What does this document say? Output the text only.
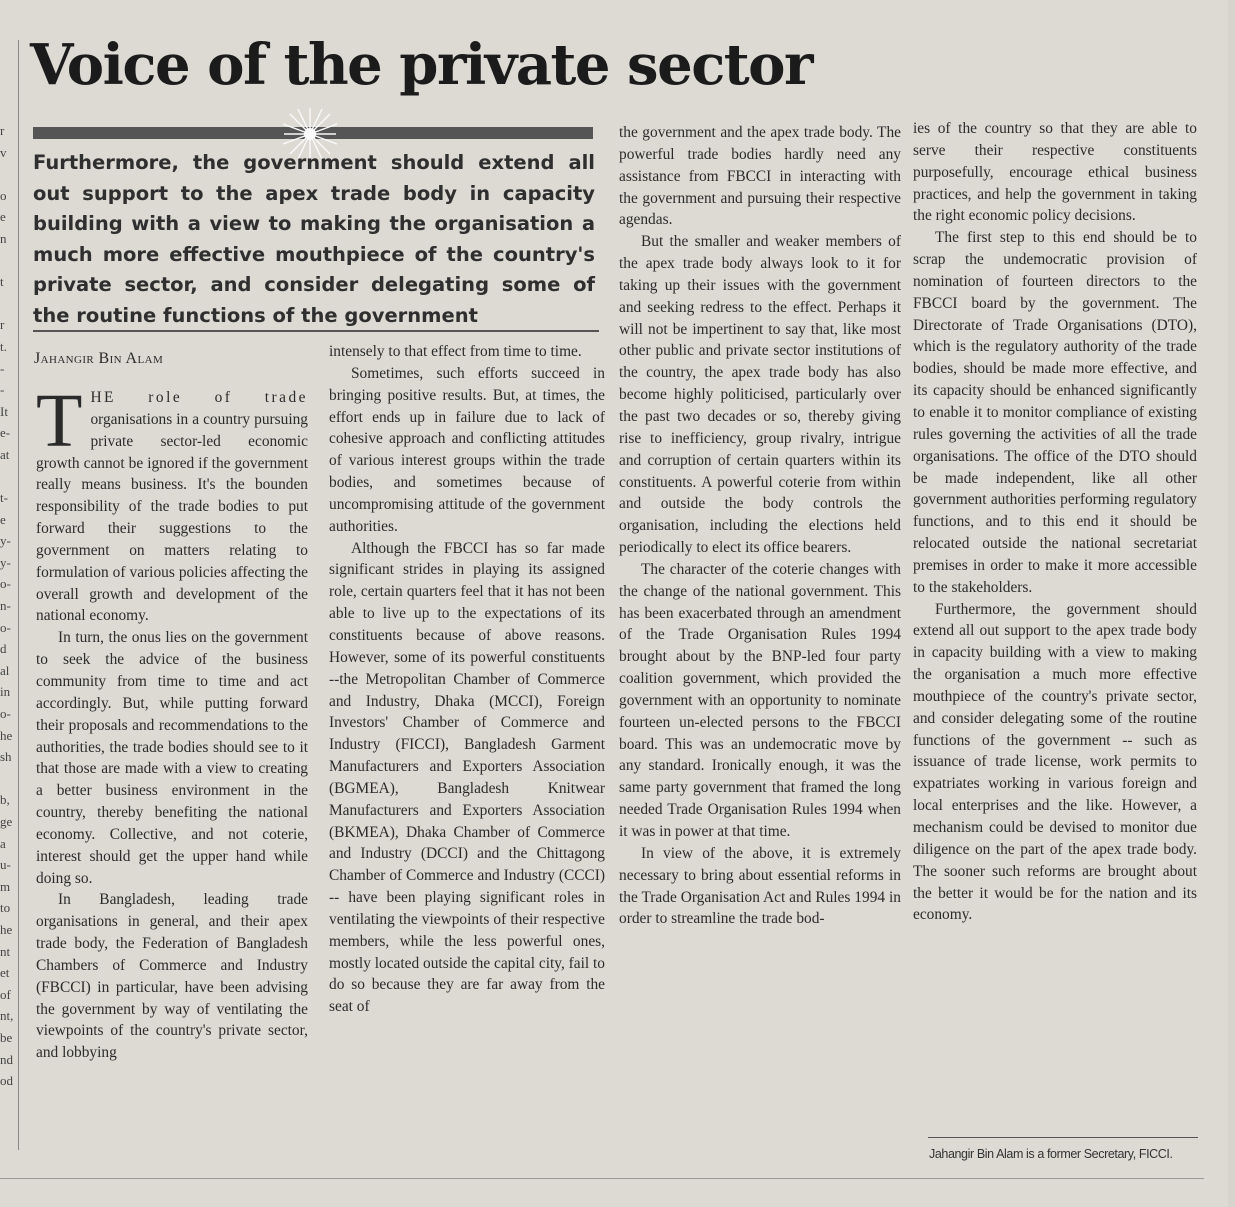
r
v
o
e
n
t
r
t.
-
-
It
e-
at
t-
e
y-
y-
o-
n-
o-
d
al
in
o-
he
sh
b,
ge
a
u-
m
to
he
nt
et
of
nt,
be
nd
od
Voice of the private sector

Furthermore, the government should extend all out support to the apex trade body in capacity building with a view to making the organisation a much more effective mouthpiece of the country's private sector, and consider delegating some of the routine functions of the government

Jahangir Bin Alam

THE role of trade organisations in a country pursuing private sector-led economic growth cannot be ignored if the government really means business. It's the bounden responsibility of the trade bodies to put forward their suggestions to the government on matters relating to formulation of various policies affecting the overall growth and development of the national economy.

In turn, the onus lies on the government to seek the advice of the business community from time to time and act accordingly. But, while putting forward their proposals and recommendations to the authorities, the trade bodies should see to it that those are made with a view to creating a better business environment in the country, thereby benefiting the national economy. Collective, and not coterie, interest should get the upper hand while doing so.

In Bangladesh, leading trade organisations in general, and their apex trade body, the Federation of Bangladesh Chambers of Commerce and Industry (FBCCI) in particular, have been advising the government by way of ventilating the viewpoints of the country's private sector, and lobbying

intensely to that effect from time to time.

Sometimes, such efforts succeed in bringing positive results. But, at times, the effort ends up in failure due to lack of cohesive approach and conflicting attitudes of various interest groups within the trade bodies, and sometimes because of uncompromising attitude of the government authorities.

Although the FBCCI has so far made significant strides in playing its assigned role, certain quarters feel that it has not been able to live up to the expectations of its constituents because of above reasons. However, some of its powerful constituents --the Metropolitan Chamber of Commerce and Industry, Dhaka (MCCI), Foreign Investors' Chamber of Commerce and Industry (FICCI), Bangladesh Garment Manufacturers and Exporters Association (BGMEA), Bangladesh Knitwear Manufacturers and Exporters Association (BKMEA), Dhaka Chamber of Commerce and Industry (DCCI) and the Chittagong Chamber of Commerce and Industry (CCCI) -- have been playing significant roles in ventilating the viewpoints of their respective members, while the less powerful ones, mostly located outside the capital city, fail to do so because they are far away from the seat of

the government and the apex trade body. The powerful trade bodies hardly need any assistance from FBCCI in interacting with the government and pursuing their respective agendas.

But the smaller and weaker members of the apex trade body always look to it for taking up their issues with the government and seeking redress to the effect. Perhaps it will not be impertinent to say that, like most other public and private sector institutions of the country, the apex trade body has also become highly politicised, particularly over the past two decades or so, thereby giving rise to inefficiency, group rivalry, intrigue and corruption of certain quarters within its constituents. A powerful coterie from within and outside the body controls the organisation, including the elections held periodically to elect its office bearers.

The character of the coterie changes with the change of the national government. This has been exacerbated through an amendment of the Trade Organisation Rules 1994 brought about by the BNP-led four party coalition government, which provided the government with an opportunity to nominate fourteen un-elected persons to the FBCCI board. This was an undemocratic move by any standard. Ironically enough, it was the same party government that framed the long needed Trade Organisation Rules 1994 when it was in power at that time.

In view of the above, it is extremely necessary to bring about essential reforms in the Trade Organisation Act and Rules 1994 in order to streamline the trade bod-

ies of the country so that they are able to serve their respective constituents purposefully, encourage ethical business practices, and help the government in taking the right economic policy decisions.

The first step to this end should be to scrap the undemocratic provision of nomination of fourteen directors to the FBCCI board by the government. The Directorate of Trade Organisations (DTO), which is the regulatory authority of the trade bodies, should be made more effective, and its capacity should be enhanced significantly to enable it to monitor compliance of existing rules governing the activities of all the trade organisations. The office of the DTO should be made independent, like all other government authorities performing regulatory functions, and to this end it should be relocated outside the national secretariat premises in order to make it more accessible to the stakeholders.

Furthermore, the government should extend all out support to the apex trade body in capacity building with a view to making the organisation a much more effective mouthpiece of the country's private sector, and consider delegating some of the routine functions of the government -- such as issuance of trade license, work permits to expatriates working in various foreign and local enterprises and the like. However, a mechanism could be devised to monitor due diligence on the part of the apex trade body. The sooner such reforms are brought about the better it would be for the nation and its economy.

Jahangir Bin Alam is a former Secretary, FICCI.
